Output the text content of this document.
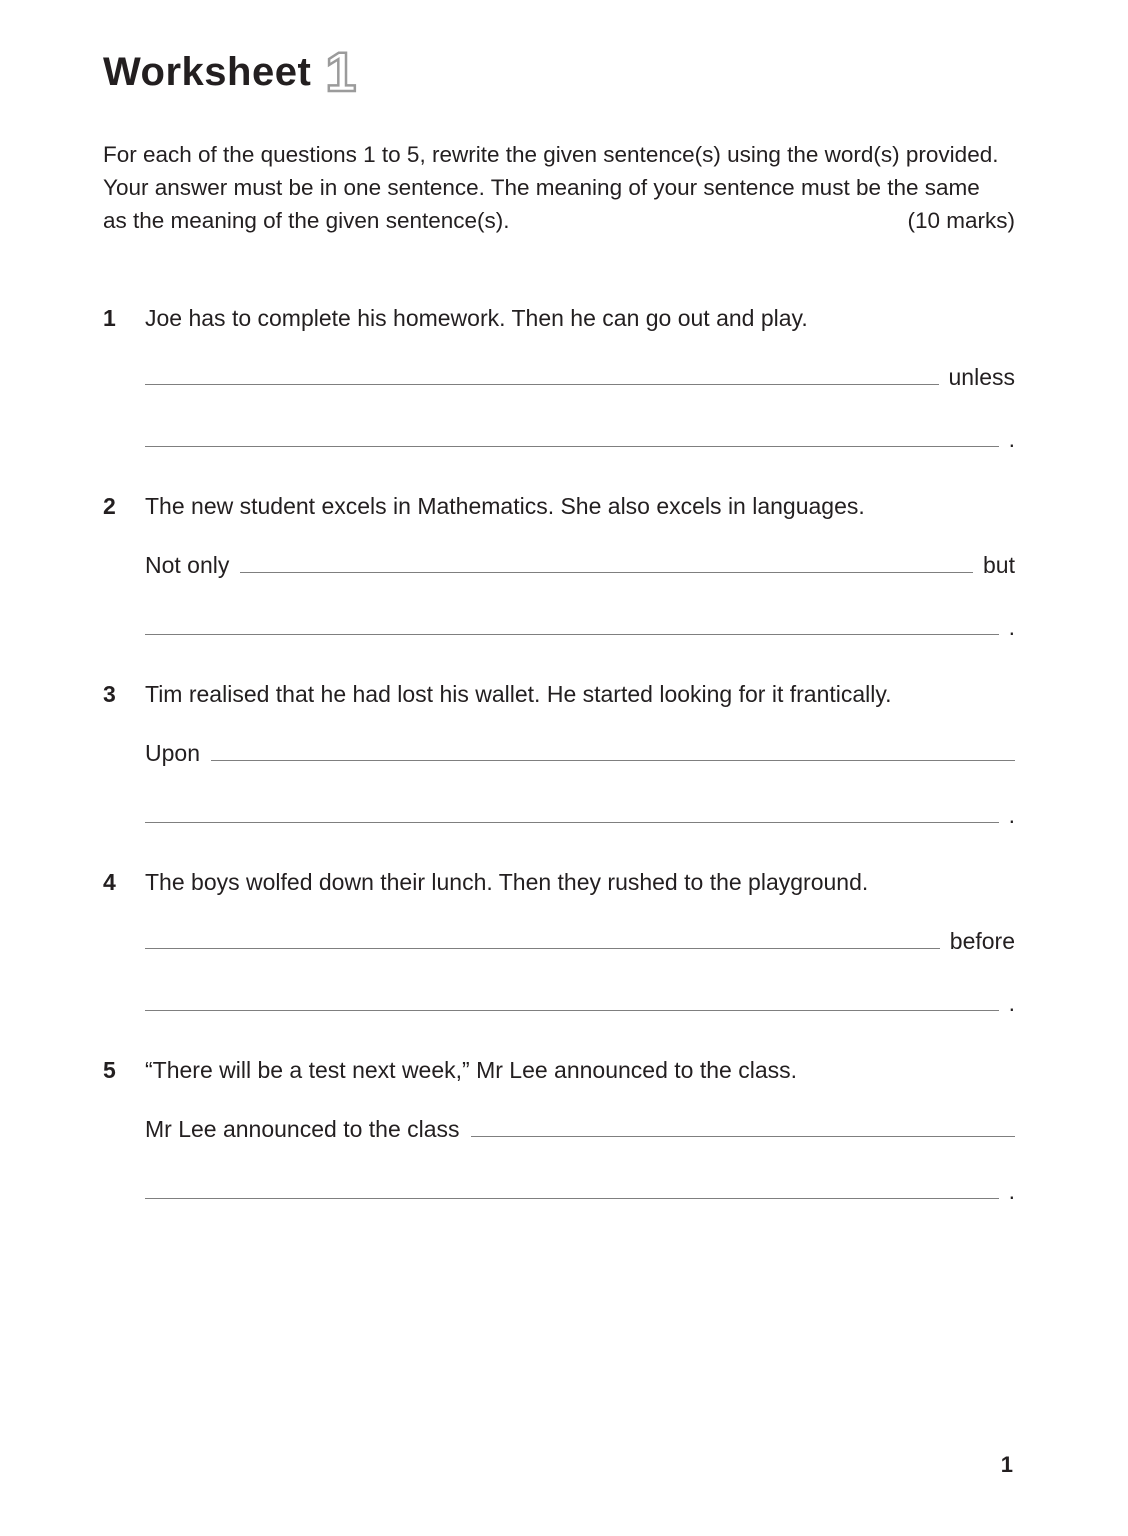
Worksheet 1
For each of the questions 1 to 5, rewrite the given sentence(s) using the word(s) provided.
Your answer must be in one sentence. The meaning of your sentence must be the same
as the meaning of the given sentence(s).	(10 marks)
1	Joe has to complete his homework. Then he can go out and play.
unless
.
2	The new student excels in Mathematics. She also excels in languages.
Not only	but
.
3	Tim realised that he had lost his wallet. He started looking for it frantically.
Upon
.
4	The boys wolfed down their lunch. Then they rushed to the playground.
before
.
5	“There will be a test next week,” Mr Lee announced to the class.
Mr Lee announced to the class
.
1
